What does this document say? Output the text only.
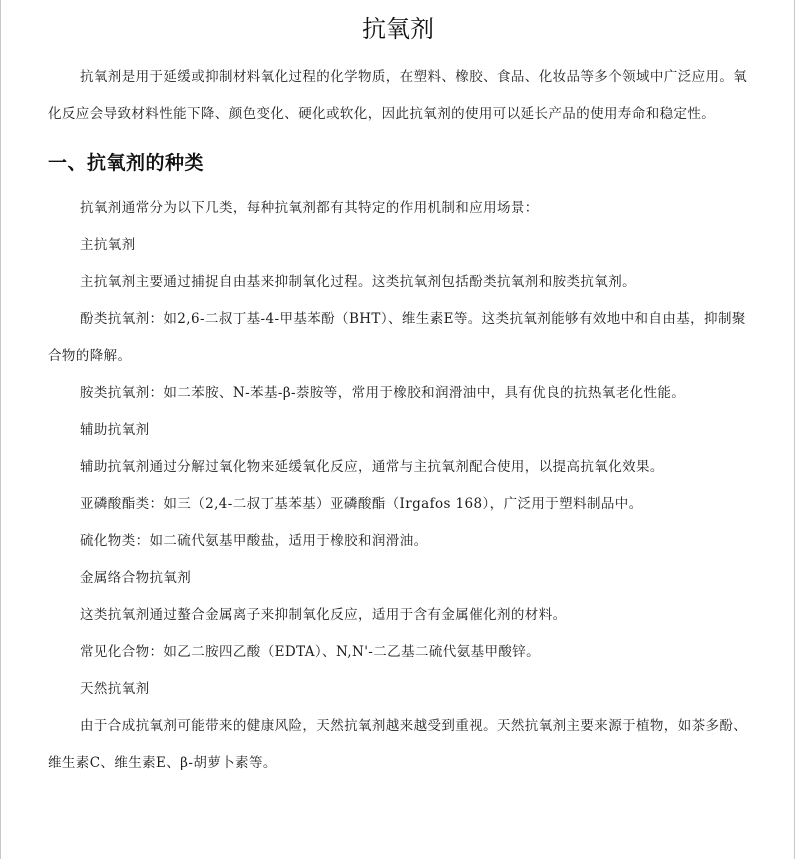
抗氧剂

抗氧剂是用于延缓或抑制材料氧化过程的化学物质，在塑料、橡胶、食品、化妆品等多个领域中广泛应用。氧化反应会导致材料性能下降、颜色变化、硬化或软化，因此抗氧剂的使用可以延长产品的使用寿命和稳定性。

一、抗氧剂的种类

抗氧剂通常分为以下几类，每种抗氧剂都有其特定的作用机制和应用场景：

主抗氧剂

主抗氧剂主要通过捕捉自由基来抑制氧化过程。这类抗氧剂包括酚类抗氧剂和胺类抗氧剂。

酚类抗氧剂：如2,6-二叔丁基-4-甲基苯酚（BHT）、维生素E等。这类抗氧剂能够有效地中和自由基，抑制聚合物的降解。

胺类抗氧剂：如二苯胺、N-苯基-β-萘胺等，常用于橡胶和润滑油中，具有优良的抗热氧老化性能。

辅助抗氧剂

辅助抗氧剂通过分解过氧化物来延缓氧化反应，通常与主抗氧剂配合使用，以提高抗氧化效果。

亚磷酸酯类：如三（2,4-二叔丁基苯基）亚磷酸酯（Irgafos 168），广泛用于塑料制品中。

硫化物类：如二硫代氨基甲酸盐，适用于橡胶和润滑油。

金属络合物抗氧剂

这类抗氧剂通过螯合金属离子来抑制氧化反应，适用于含有金属催化剂的材料。

常见化合物：如乙二胺四乙酸（EDTA）、N,N'-二乙基二硫代氨基甲酸锌。

天然抗氧剂

由于合成抗氧剂可能带来的健康风险，天然抗氧剂越来越受到重视。天然抗氧剂主要来源于植物，如茶多酚、维生素C、维生素E、β-胡萝卜素等。
